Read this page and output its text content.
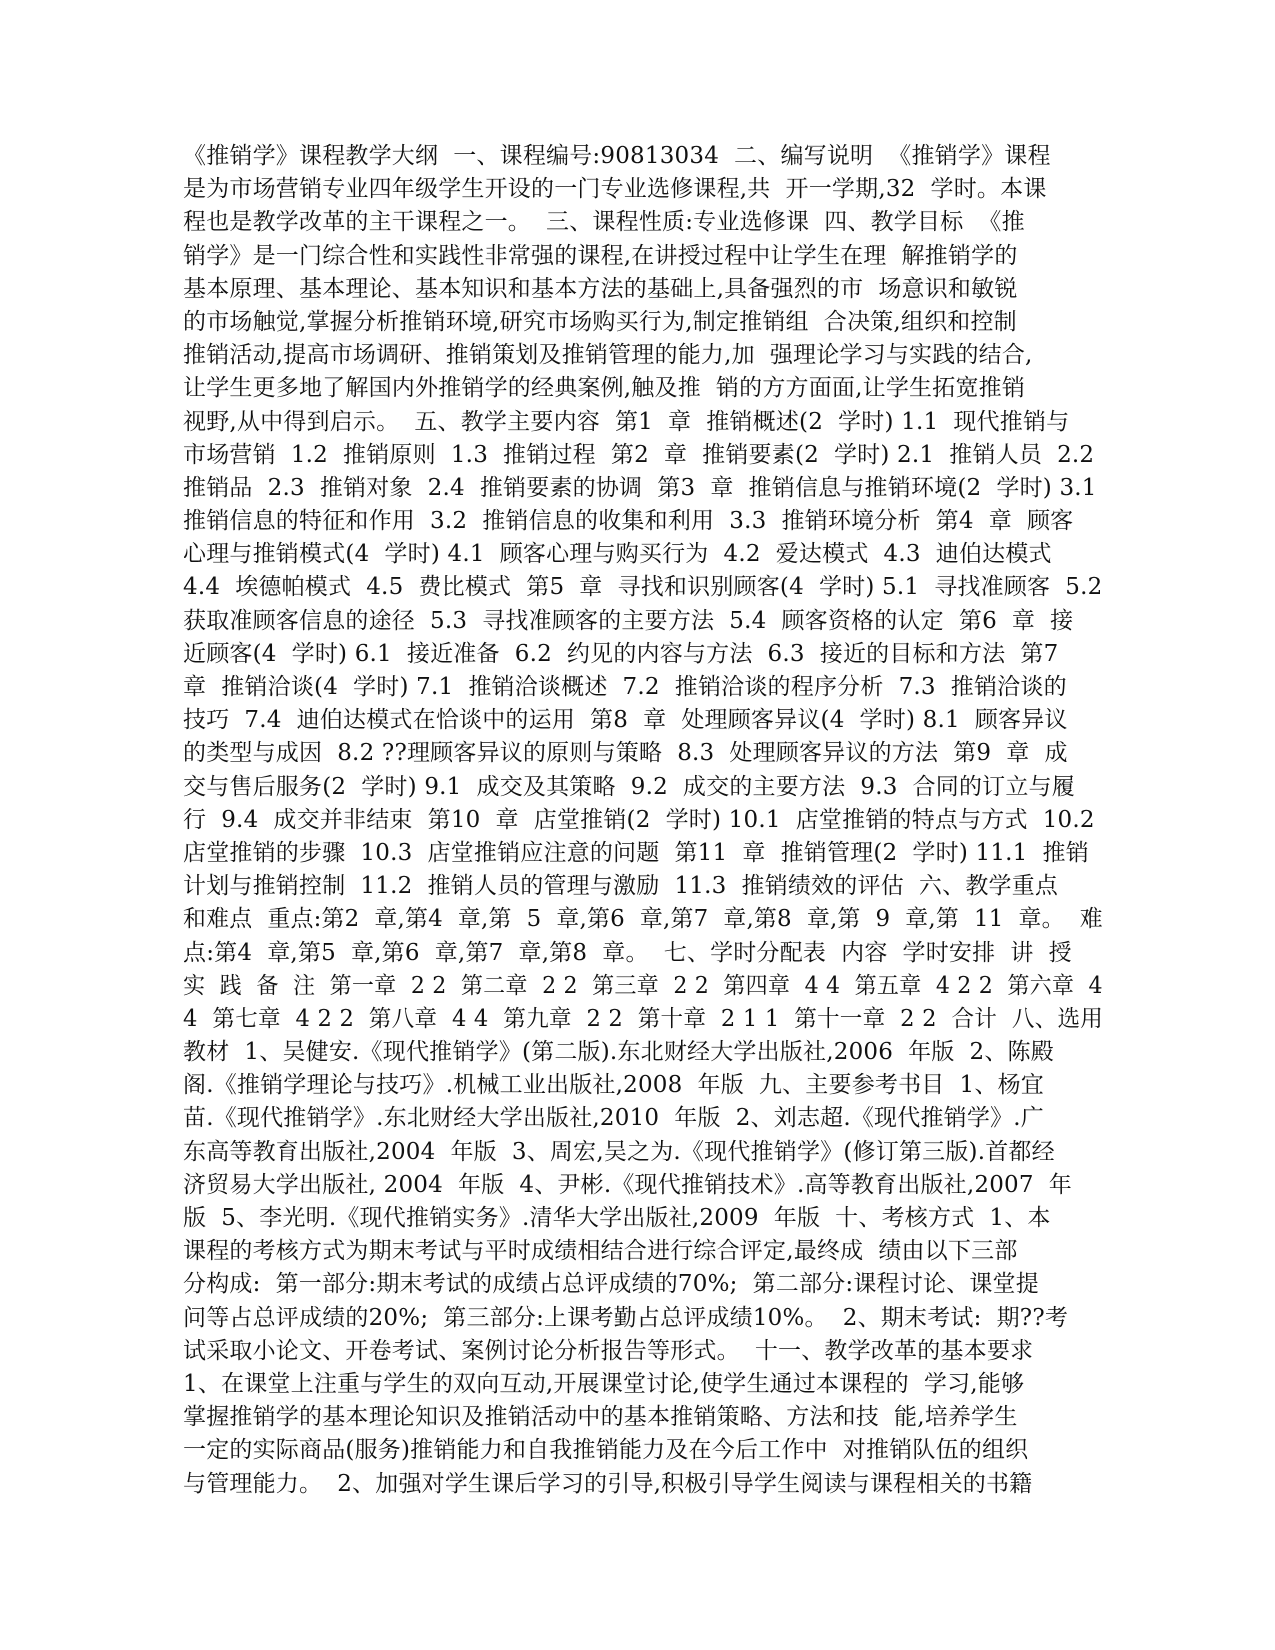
《推销学》课程教学大纲  一、课程编号:90813034  二、编写说明  《推销学》课程
是为市场营销专业四年级学生开设的一门专业选修课程,共  开一学期,32  学时。本课
程也是教学改革的主干课程之一。  三、课程性质:专业选修课  四、教学目标  《推
销学》是一门综合性和实践性非常强的课程,在讲授过程中让学生在理  解推销学的
基本原理、基本理论、基本知识和基本方法的基础上,具备强烈的市  场意识和敏锐
的市场触觉,掌握分析推销环境,研究市场购买行为,制定推销组  合决策,组织和控制
推销活动,提高市场调研、推销策划及推销管理的能力,加  强理论学习与实践的结合,
让学生更多地了解国内外推销学的经典案例,触及推  销的方方面面,让学生拓宽推销
视野,从中得到启示。  五、教学主要内容  第1  章  推销概述(2  学时) 1.1  现代推销与
市场营销  1.2  推销原则  1.3  推销过程  第2  章  推销要素(2  学时) 2.1  推销人员  2.2
推销品  2.3  推销对象  2.4  推销要素的协调  第3  章  推销信息与推销环境(2  学时) 3.1
推销信息的特征和作用  3.2  推销信息的收集和利用  3.3  推销环境分析  第4  章  顾客
心理与推销模式(4  学时) 4.1  顾客心理与购买行为  4.2  爱达模式  4.3  迪伯达模式
4.4  埃德帕模式  4.5  费比模式  第5  章  寻找和识别顾客(4  学时) 5.1  寻找准顾客  5.2
获取准顾客信息的途径  5.3  寻找准顾客的主要方法  5.4  顾客资格的认定  第6  章  接
近顾客(4  学时) 6.1  接近准备  6.2  约见的内容与方法  6.3  接近的目标和方法  第7
章  推销洽谈(4  学时) 7.1  推销洽谈概述  7.2  推销洽谈的程序分析  7.3  推销洽谈的
技巧  7.4  迪伯达模式在恰谈中的运用  第8  章  处理顾客异议(4  学时) 8.1  顾客异议
的类型与成因  8.2 ??理顾客异议的原则与策略  8.3  处理顾客异议的方法  第9  章  成
交与售后服务(2  学时) 9.1  成交及其策略  9.2  成交的主要方法  9.3  合同的订立与履
行  9.4  成交并非结束  第10  章  店堂推销(2  学时) 10.1  店堂推销的特点与方式  10.2
店堂推销的步骤  10.3  店堂推销应注意的问题  第11  章  推销管理(2  学时) 11.1  推销
计划与推销控制  11.2  推销人员的管理与激励  11.3  推销绩效的评估  六、教学重点
和难点  重点:第2  章,第4  章,第  5  章,第6  章,第7  章,第8  章,第  9  章,第  11  章。  难
点:第4  章,第5  章,第6  章,第7  章,第8  章。  七、学时分配表  内容  学时安排  讲  授
实  践  备  注  第一章  2 2  第二章  2 2  第三章  2 2  第四章  4 4  第五章  4 2 2  第六章  4
4  第七章  4 2 2  第八章  4 4  第九章  2 2  第十章  2 1 1  第十一章  2 2  合计  八、选用
教材  1、吴健安.《现代推销学》(第二版).东北财经大学出版社,2006  年版  2、陈殿
阁.《推销学理论与技巧》.机械工业出版社,2008  年版  九、主要参考书目  1、杨宜
苗.《现代推销学》.东北财经大学出版社,2010  年版  2、刘志超.《现代推销学》.广
东高等教育出版社,2004  年版  3、周宏,吴之为.《现代推销学》(修订第三版).首都经
济贸易大学出版社, 2004  年版  4、尹彬.《现代推销技术》.高等教育出版社,2007  年
版  5、李光明.《现代推销实务》.清华大学出版社,2009  年版  十、考核方式  1、本
课程的考核方式为期末考试与平时成绩相结合进行综合评定,最终成  绩由以下三部
分构成:  第一部分:期末考试的成绩占总评成绩的70%;  第二部分:课程讨论、课堂提
问等占总评成绩的20%;  第三部分:上课考勤占总评成绩10%。  2、期末考试:  期??考
试采取小论文、开卷考试、案例讨论分析报告等形式。  十一、教学改革的基本要求
1、在课堂上注重与学生的双向互动,开展课堂讨论,使学生通过本课程的  学习,能够
掌握推销学的基本理论知识及推销活动中的基本推销策略、方法和技  能,培养学生
一定的实际商品(服务)推销能力和自我推销能力及在今后工作中  对推销队伍的组织
与管理能力。  2、加强对学生课后学习的引导,积极引导学生阅读与课程相关的书籍
